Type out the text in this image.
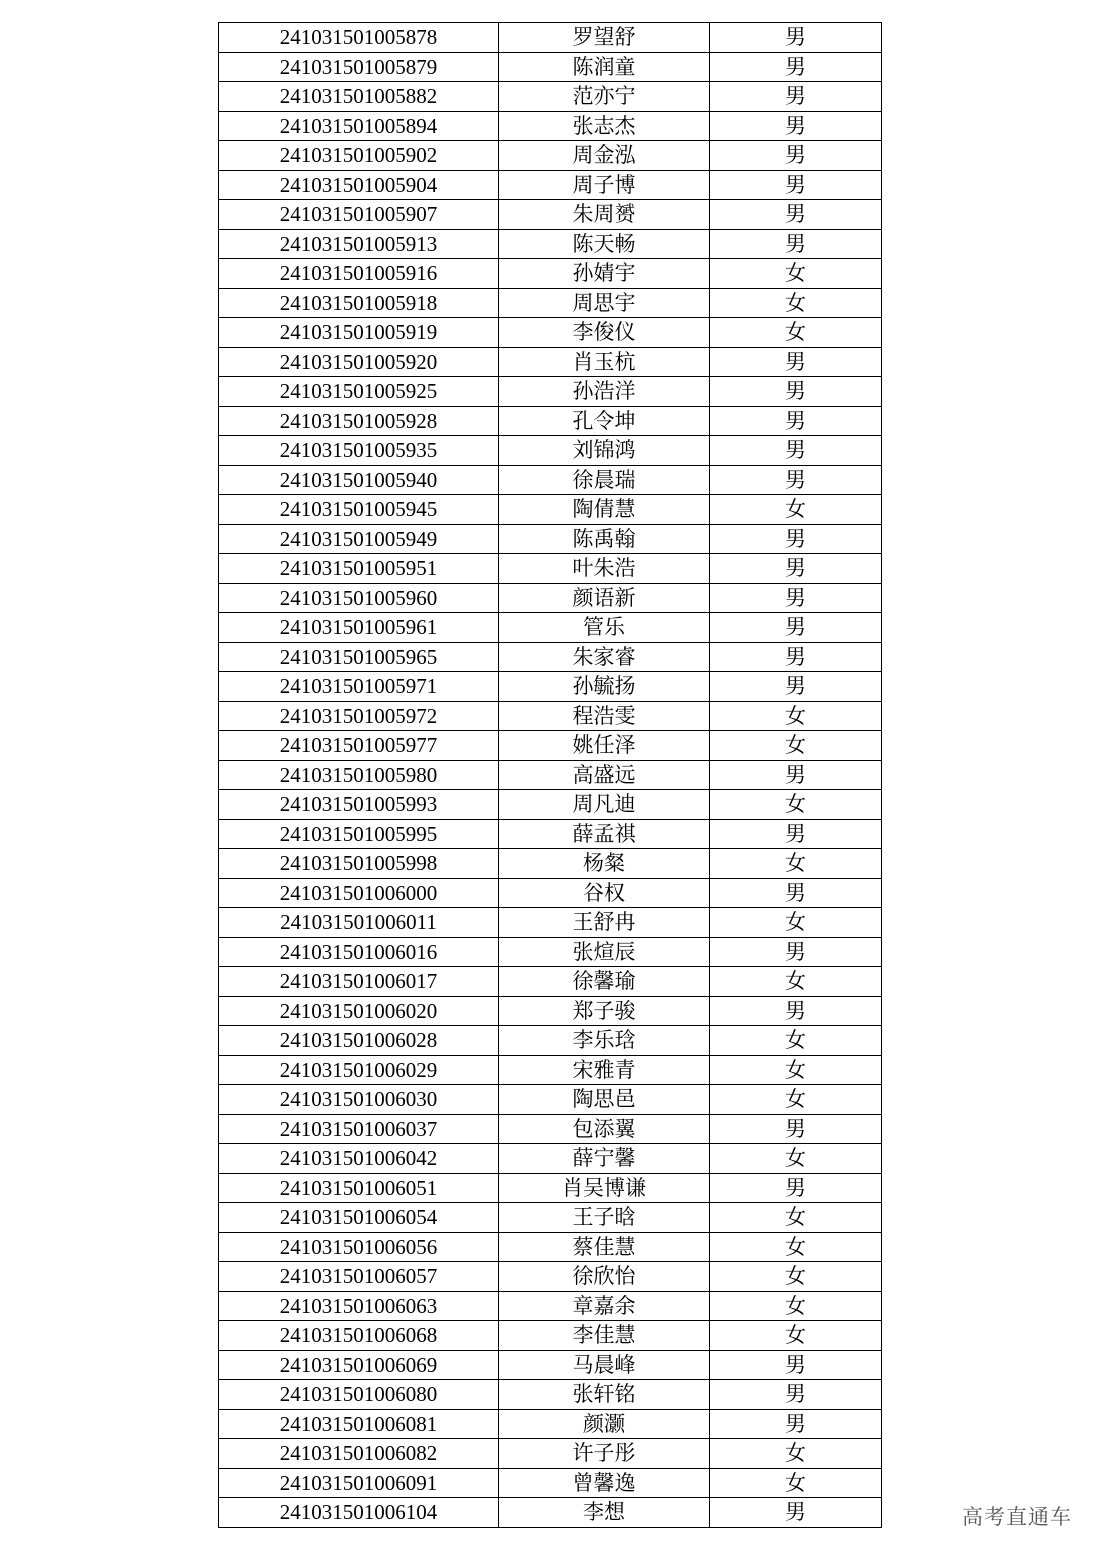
241031501005878	罗望舒	男
241031501005879	陈润童	男
241031501005882	范亦宁	男
241031501005894	张志杰	男
241031501005902	周金泓	男
241031501005904	周子博	男
241031501005907	朱周赟	男
241031501005913	陈天畅	男
241031501005916	孙婧宇	女
241031501005918	周思宇	女
241031501005919	李俊仪	女
241031501005920	肖玉杭	男
241031501005925	孙浩洋	男
241031501005928	孔令坤	男
241031501005935	刘锦鸿	男
241031501005940	徐晨瑞	男
241031501005945	陶倩慧	女
241031501005949	陈禹翰	男
241031501005951	叶朱浩	男
241031501005960	颜语新	男
241031501005961	管乐	男
241031501005965	朱家睿	男
241031501005971	孙毓扬	男
241031501005972	程浩雯	女
241031501005977	姚任泽	女
241031501005980	高盛远	男
241031501005993	周凡迪	女
241031501005995	薛孟祺	男
241031501005998	杨粲	女
241031501006000	谷权	男
241031501006011	王舒冉	女
241031501006016	张煊辰	男
241031501006017	徐馨瑜	女
241031501006020	郑子骏	男
241031501006028	李乐琀	女
241031501006029	宋雅青	女
241031501006030	陶思邑	女
241031501006037	包添翼	男
241031501006042	薛宁馨	女
241031501006051	肖吴博谦	男
241031501006054	王子晗	女
241031501006056	蔡佳慧	女
241031501006057	徐欣怡	女
241031501006063	章嘉余	女
241031501006068	李佳慧	女
241031501006069	马晨峰	男
241031501006080	张轩铭	男
241031501006081	颜灏	男
241031501006082	许子彤	女
241031501006091	曾馨逸	女
241031501006104	李想	男	高考直通车
